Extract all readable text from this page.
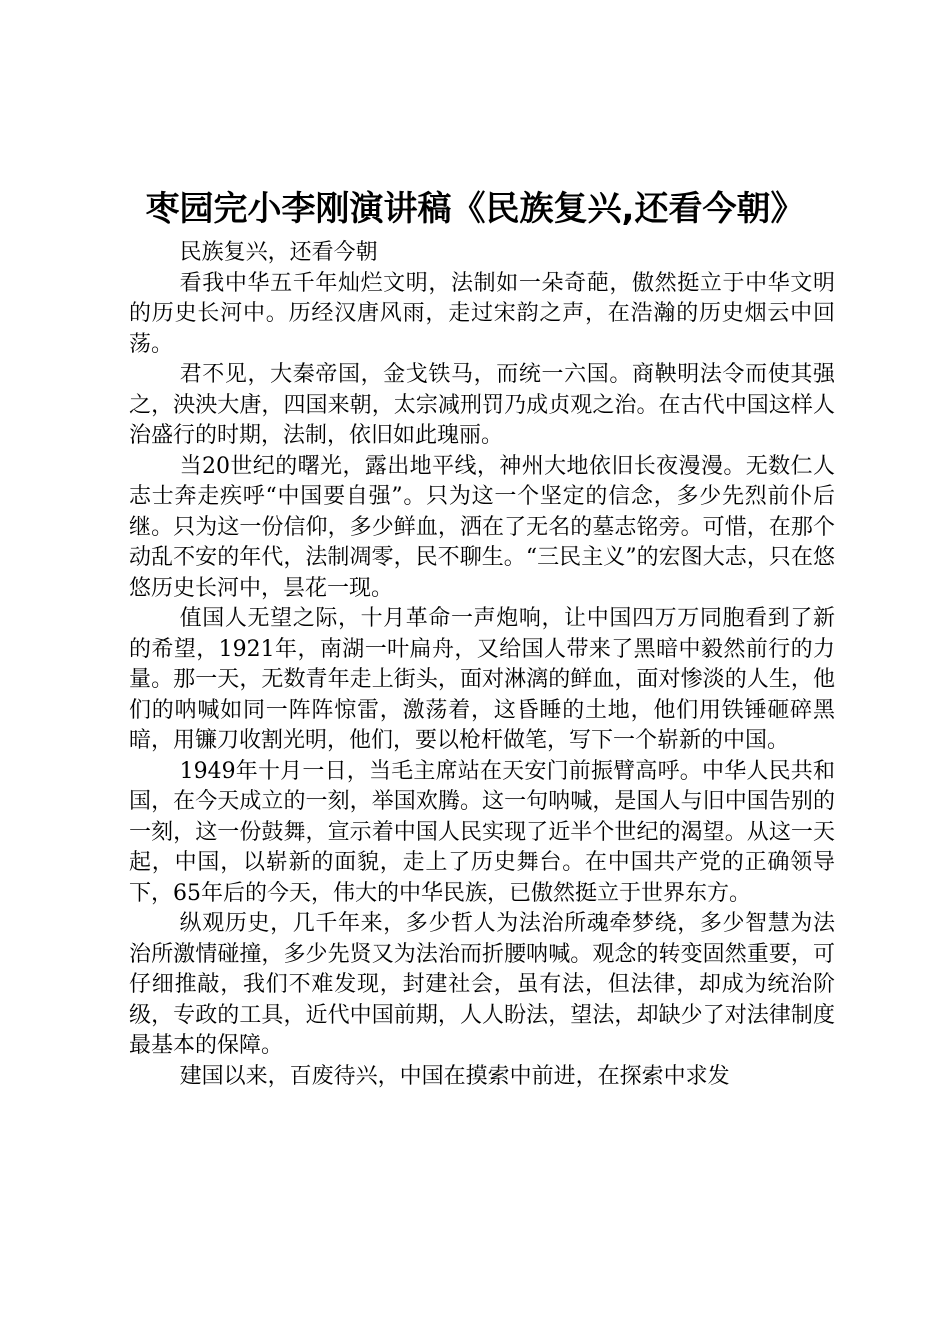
枣园完小李刚演讲稿《民族复兴,还看今朝》

民族复兴，还看今朝

看我中华五千年灿烂文明，法制如一朵奇葩，傲然挺立于中华文明的历史长河中。历经汉唐风雨，走过宋韵之声，在浩瀚的历史烟云中回荡。

君不见，大秦帝国，金戈铁马，而统一六国。商鞅明法令而使其强之，泱泱大唐，四国来朝，太宗减刑罚乃成贞观之治。在古代中国这样人治盛行的时期，法制，依旧如此瑰丽。

当20世纪的曙光，露出地平线，神州大地依旧长夜漫漫。无数仁人志士奔走疾呼“中国要自强”。只为这一个坚定的信念，多少先烈前仆后继。只为这一份信仰，多少鲜血，洒在了无名的墓志铭旁。可惜，在那个动乱不安的年代，法制凋零，民不聊生。“三民主义”的宏图大志，只在悠悠历史长河中，昙花一现。

值国人无望之际，十月革命一声炮响，让中国四万万同胞看到了新的希望，1921年，南湖一叶扁舟，又给国人带来了黑暗中毅然前行的力量。那一天，无数青年走上街头，面对淋漓的鲜血，面对惨淡的人生，他们的呐喊如同一阵阵惊雷，激荡着，这昏睡的土地，他们用铁锤砸碎黑暗，用镰刀收割光明，他们，要以枪杆做笔，写下一个崭新的中国。

1949年十月一日，当毛主席站在天安门前振臂高呼。中华人民共和国，在今天成立的一刻，举国欢腾。这一句呐喊，是国人与旧中国告别的一刻，这一份鼓舞，宣示着中国人民实现了近半个世纪的渴望。从这一天起，中国，以崭新的面貌，走上了历史舞台。在中国共产党的正确领导下，65年后的今天，伟大的中华民族，已傲然挺立于世界东方。

纵观历史，几千年来，多少哲人为法治所魂牵梦绕，多少智慧为法治所激情碰撞，多少先贤又为法治而折腰呐喊。观念的转变固然重要，可仔细推敲，我们不难发现，封建社会，虽有法，但法律，却成为统治阶级，专政的工具，近代中国前期，人人盼法，望法，却缺少了对法律制度最基本的保障。

建国以来，百废待兴，中国在摸索中前进，在探索中求发
